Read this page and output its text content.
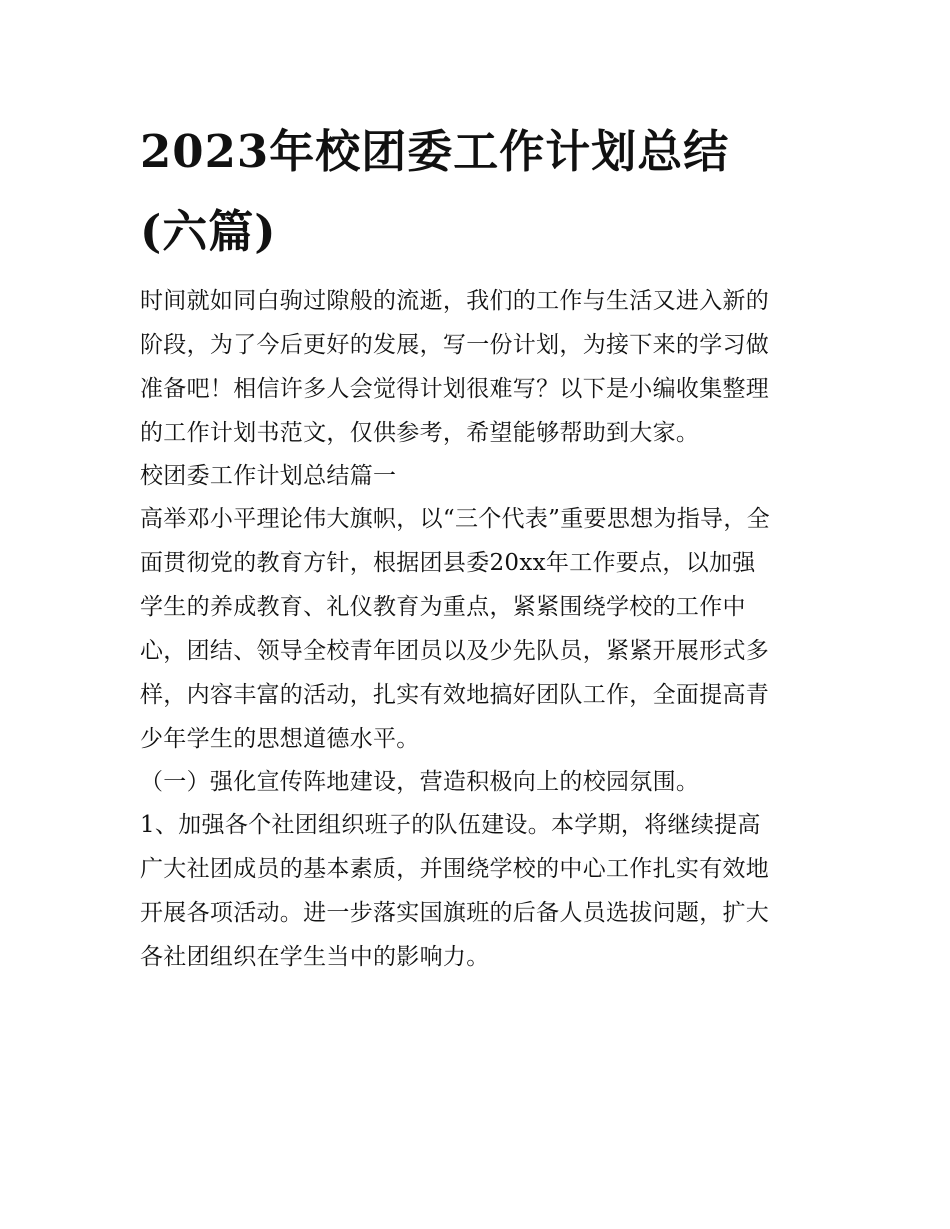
2023年校团委工作计划总结
(六篇)
时间就如同白驹过隙般的流逝，我们的工作与生活又进入新的
阶段，为了今后更好的发展，写一份计划，为接下来的学习做
准备吧！相信许多人会觉得计划很难写？以下是小编收集整理
的工作计划书范文，仅供参考，希望能够帮助到大家。
校团委工作计划总结篇一
高举邓小平理论伟大旗帜，以“三个代表”重要思想为指导，全
面贯彻党的教育方针，根据团县委20xx年工作要点，以加强
学生的养成教育、礼仪教育为重点，紧紧围绕学校的工作中
心，团结、领导全校青年团员以及少先队员，紧紧开展形式多
样，内容丰富的活动，扎实有效地搞好团队工作，全面提高青
少年学生的思想道德水平。
（一）强化宣传阵地建设，营造积极向上的校园氛围。
1、加强各个社团组织班子的队伍建设。本学期，将继续提高
广大社团成员的基本素质，并围绕学校的中心工作扎实有效地
开展各项活动。进一步落实国旗班的后备人员选拔问题，扩大
各社团组织在学生当中的影响力。
